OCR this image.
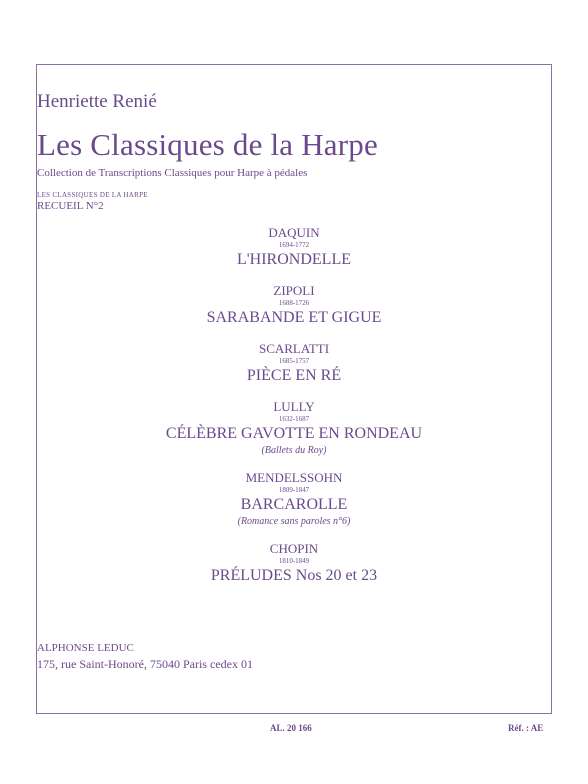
Henriette Renié
Les Classiques de la Harpe
Collection de Transcriptions Classiques pour Harpe à pédales
LES CLASSIQUES DE LA HARPE
RECUEIL N°2
DAQUIN
1694-1772
L'HIRONDELLE
ZIPOLI
1688-1726
SARABANDE ET GIGUE
SCARLATTI
1685-1757
PIÈCE EN RÉ
LULLY
1632-1687
CÉLÈBRE GAVOTTE EN RONDEAU
(Ballets du Roy)
MENDELSSOHN
1809-1847
BARCAROLLE
(Romance sans paroles n°6)
CHOPIN
1810-1849
PRÉLUDES Nos 20 et 23
ALPHONSE LEDUC
175, rue Saint-Honoré, 75040 Paris cedex 01
AL. 20 166	Réf. : AE
